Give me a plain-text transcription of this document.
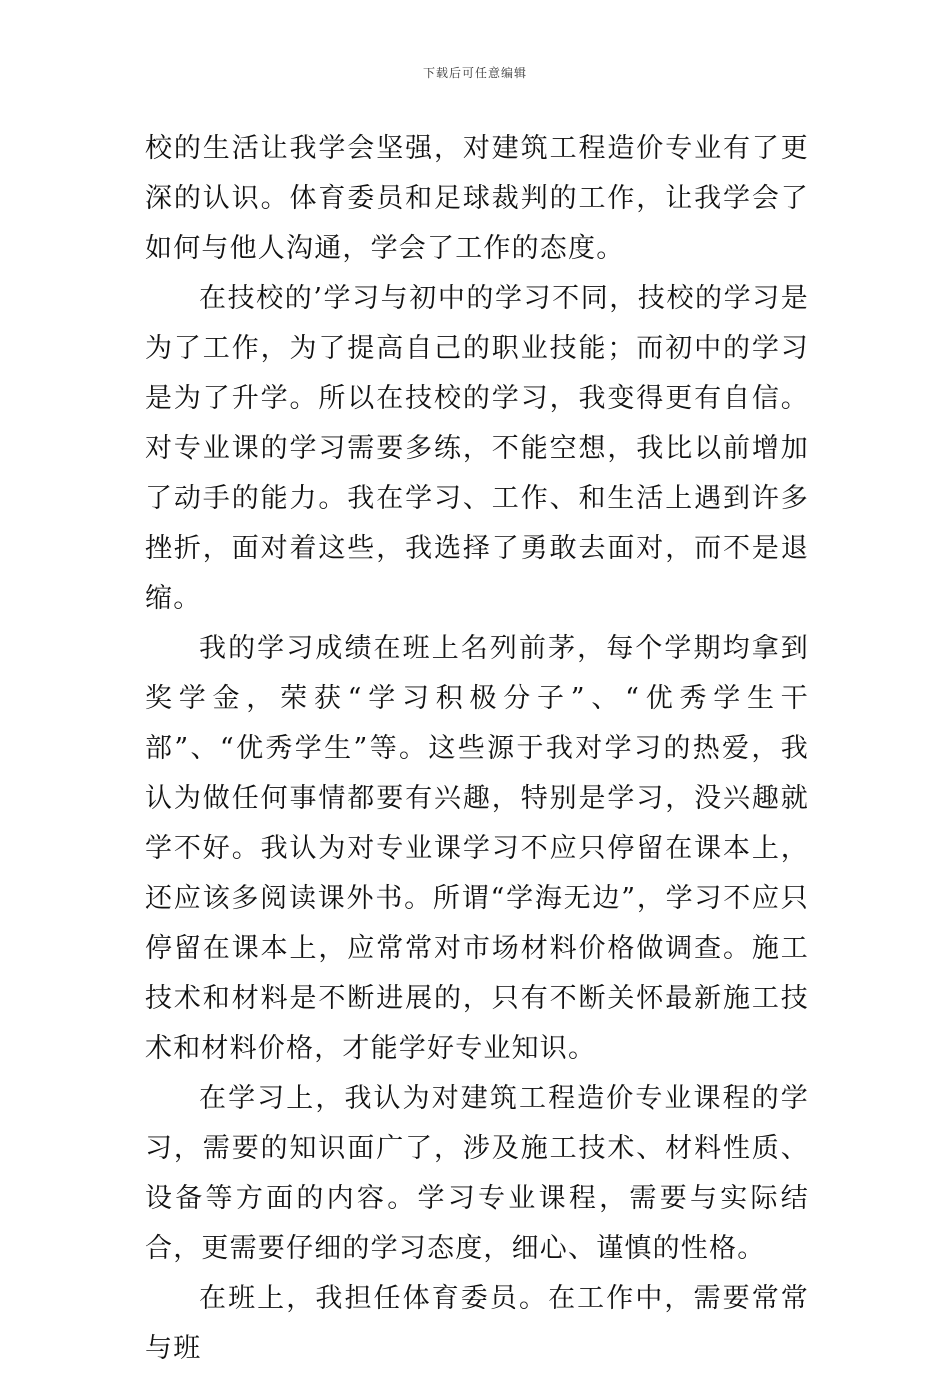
下载后可任意编辑

校的生活让我学会坚强，对建筑工程造价专业有了更深的认识。体育委员和足球裁判的工作，让我学会了如何与他人沟通，学会了工作的态度。

在技校的’学习与初中的学习不同，技校的学习是为了工作，为了提高自己的职业技能；而初中的学习是为了升学。所以在技校的学习，我变得更有自信。对专业课的学习需要多练，不能空想，我比以前增加了动手的能力。我在学习、工作、和生活上遇到许多挫折，面对着这些，我选择了勇敢去面对，而不是退缩。

我的学习成绩在班上名列前茅，每个学期均拿到奖学金，荣获“学习积极分子”、“优秀学生干部”、“优秀学生”等。这些源于我对学习的热爱，我认为做任何事情都要有兴趣，特别是学习，没兴趣就学不好。我认为对专业课学习不应只停留在课本上，还应该多阅读课外书。所谓“学海无边”，学习不应只停留在课本上，应常常对市场材料价格做调查。施工技术和材料是不断进展的，只有不断关怀最新施工技术和材料价格，才能学好专业知识。

在学习上，我认为对建筑工程造价专业课程的学习，需要的知识面广了，涉及施工技术、材料性质、设备等方面的内容。学习专业课程，需要与实际结合，更需要仔细的学习态度，细心、谨慎的性格。

在班上，我担任体育委员。在工作中，需要常常与班
